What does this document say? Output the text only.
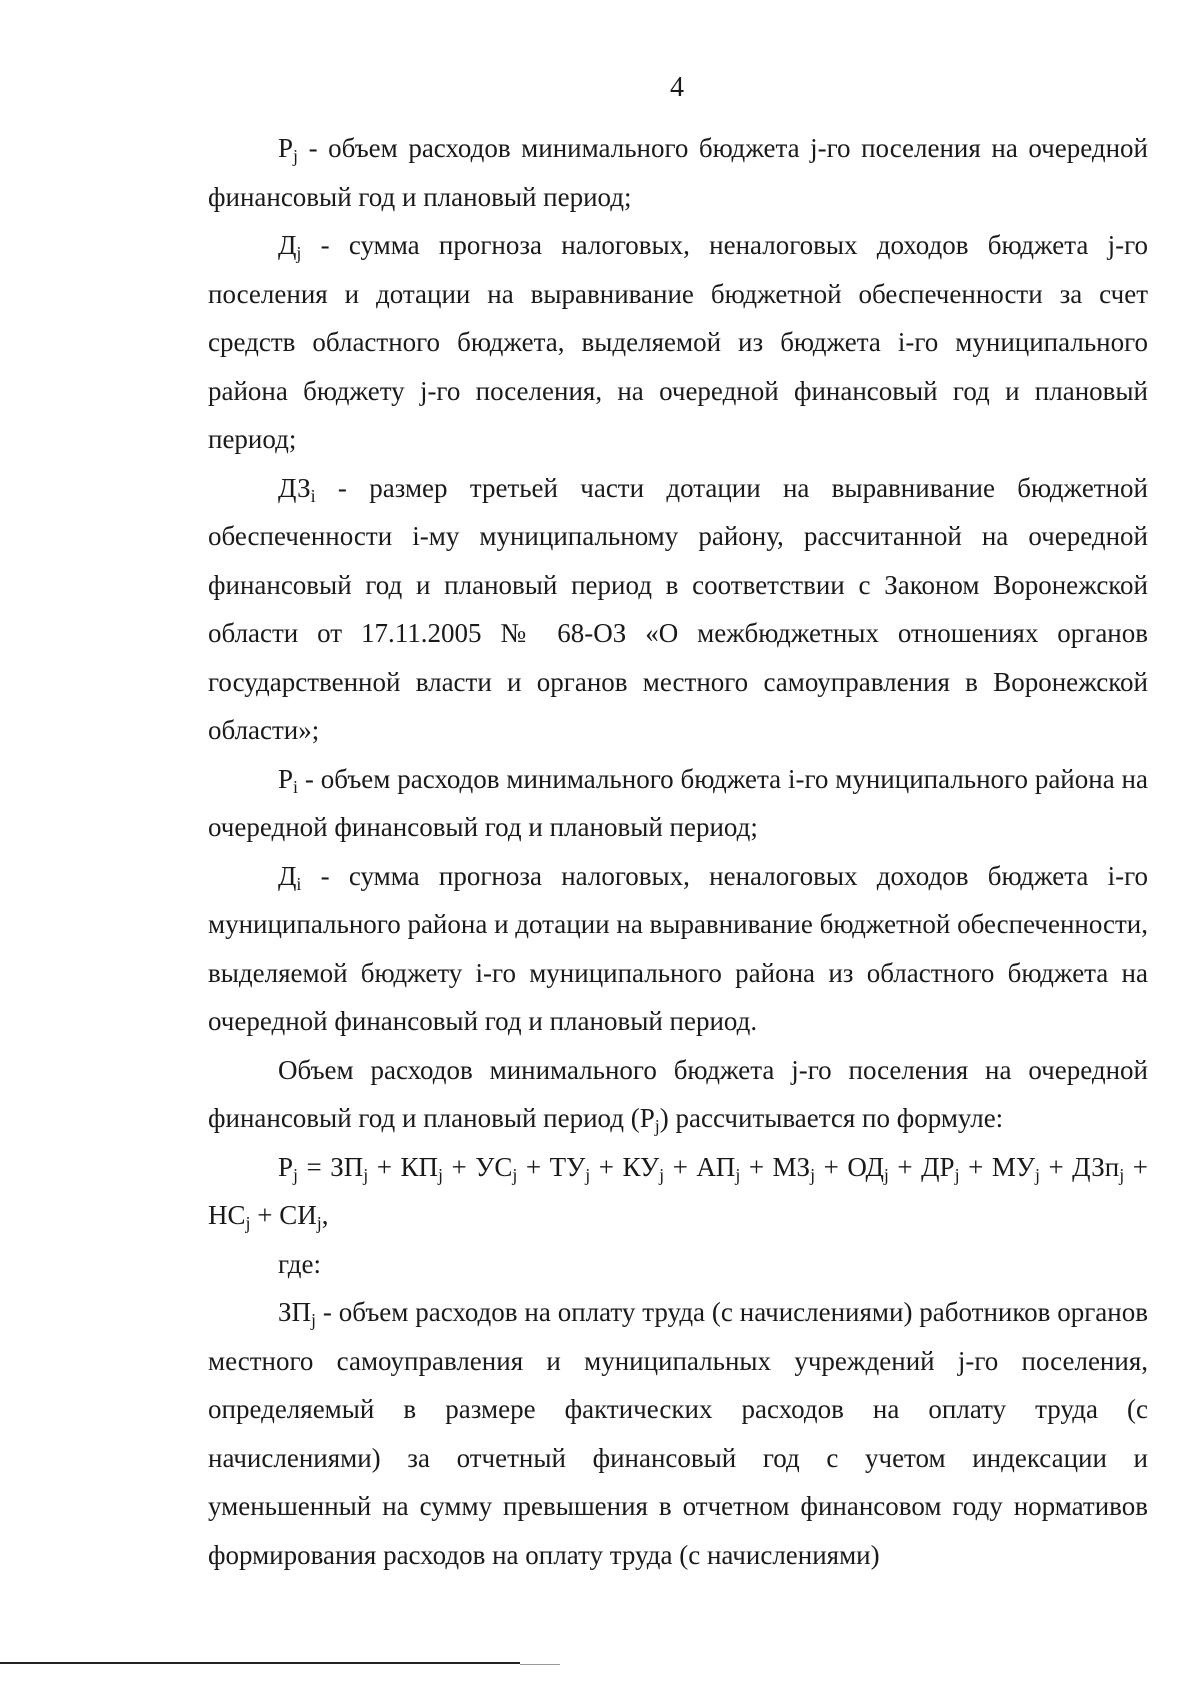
4

$Р_j$ - объем расходов минимального бюджета j-го поселения на очередной финансовый год и плановый период;

$Д_j$ - сумма прогноза налоговых, неналоговых доходов бюджета j-го поселения и дотации на выравнивание бюджетной обеспеченности за счет средств областного бюджета, выделяемой из бюджета i-го муниципального района бюджету j-го поселения, на очередной финансовый год и плановый период;

$ДЗ_i$ - размер третьей части дотации на выравнивание бюджетной обеспеченности i-му муниципальному району, рассчитанной на очередной финансовый год и плановый период в соответствии с Законом Воронежской области от 17.11.2005 № 68-ОЗ «О межбюджетных отношениях органов государственной власти и органов местного самоуправления в Воронежской области»;

$Р_i$ - объем расходов минимального бюджета i-го муниципального района на очередной финансовый год и плановый период;

$Д_i$ - сумма прогноза налоговых, неналоговых доходов бюджета i-го муниципального района и дотации на выравнивание бюджетной обеспеченности, выделяемой бюджету i-го муниципального района из областного бюджета на очередной финансовый год и плановый период.

Объем расходов минимального бюджета j-го поселения на очередной финансовый год и плановый период $(Р_j)$ рассчитывается по формуле:

$Р_j = ЗП_j + КП_j + УС_j + ТУ_j + КУ_j + АП_j + МЗ_j + ОД_j + ДР_j + МУ_j + ДЗп_j + НС_j + СИ_j$,

где:

$ЗП_j$ - объем расходов на оплату труда (с начислениями) работников органов местного самоуправления и муниципальных учреждений j-го поселения, определяемый в размере фактических расходов на оплату труда (с начислениями) за отчетный финансовый год с учетом индексации и уменьшенный на сумму превышения в отчетном финансовом году нормативов формирования расходов на оплату труда (с начислениями)
